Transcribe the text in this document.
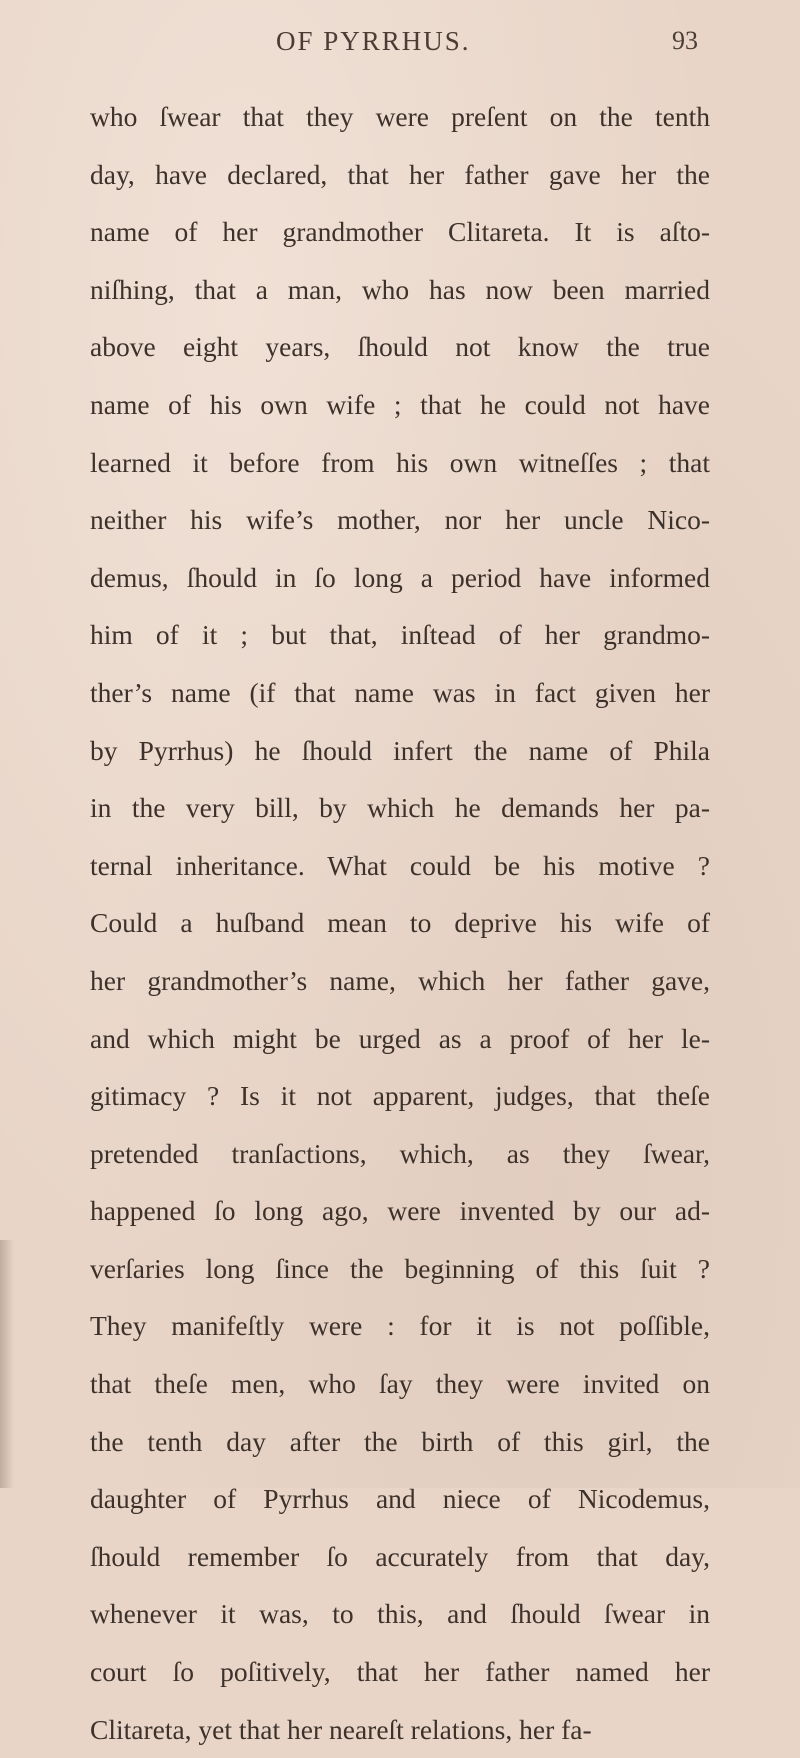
OF PYRRHUS.	93
who ſwear that they were preſent on the tenth
day, have declared, that her father gave her the
name of her grandmother Clitareta. It is aſto-
niſhing, that a man, who has now been married
above eight years, ſhould not know the true
name of his own wife ; that he could not have
learned it before from his own witneſſes ; that
neither his wife’s mother, nor her uncle Nico-
demus, ſhould in ſo long a period have informed
him of it ; but that, inſtead of her grandmo-
ther’s name (if that name was in fact given her
by Pyrrhus) he ſhould infert the name of Phila
in the very bill, by which he demands her pa-
ternal inheritance. What could be his motive ?
Could a huſband mean to deprive his wife of
her grandmother’s name, which her father gave,
and which might be urged as a proof of her le-
gitimacy ? Is it not apparent, judges, that theſe
pretended tranſactions, which, as they ſwear,
happened ſo long ago, were invented by our ad-
verſaries long ſince the beginning of this ſuit ?
They manifeſtly were : for it is not poſſible,
that theſe men, who ſay they were invited on
the tenth day after the birth of this girl, the
daughter of Pyrrhus and niece of Nicodemus,
ſhould remember ſo accurately from that day,
whenever it was, to this, and ſhould ſwear in
court ſo poſitively, that her father named her
Clitareta, yet that her neareſt relations, her fa-
